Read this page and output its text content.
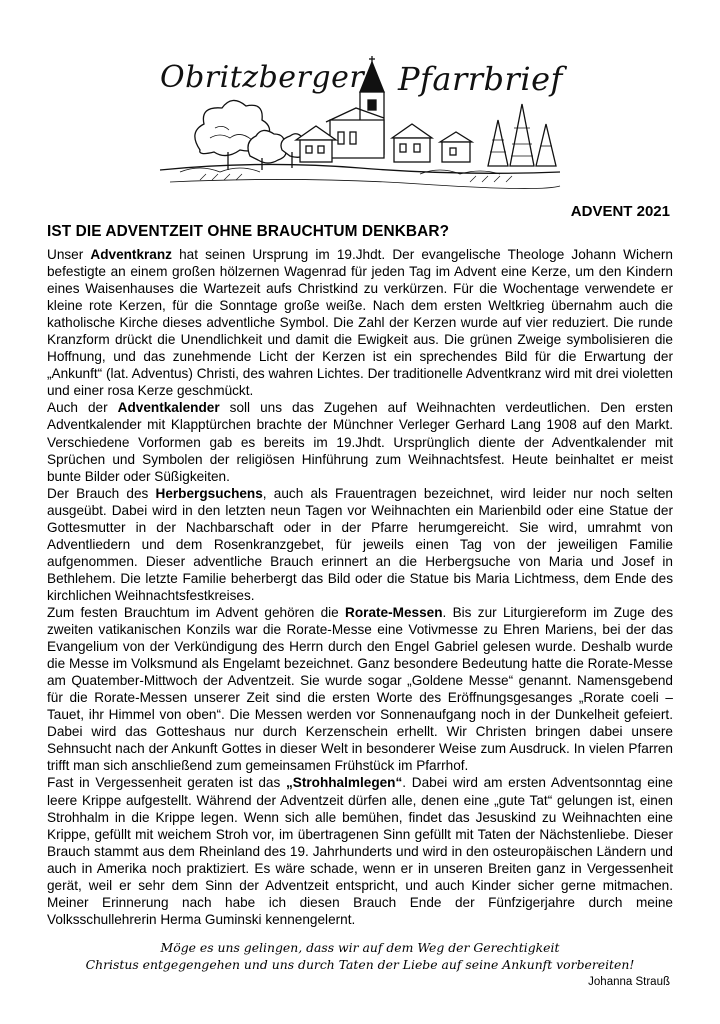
Obritzberger Pfarrbrief
ADVENT 2021
IST DIE ADVENTZEIT OHNE BRAUCHTUM DENKBAR?

Unser Adventkranz hat seinen Ursprung im 19.Jhdt. Der evangelische Theologe Johann Wichern befestigte an einem großen hölzernen Wagenrad für jeden Tag im Advent eine Kerze, um den Kindern eines Waisenhauses die Wartezeit aufs Christkind zu verkürzen. Für die Wochentage verwendete er kleine rote Kerzen, für die Sonntage große weiße. Nach dem ersten Weltkrieg übernahm auch die katholische Kirche dieses adventliche Symbol. Die Zahl der Kerzen wurde auf vier reduziert. Die runde Kranzform drückt die Unendlichkeit und damit die Ewigkeit aus. Die grünen Zweige symbolisieren die Hoffnung, und das zunehmende Licht der Kerzen ist ein sprechendes Bild für die Erwartung der „Ankunft“ (lat. Adventus) Christi, des wahren Lichtes. Der traditionelle Adventkranz wird mit drei violetten und einer rosa Kerze geschmückt.

Auch der Adventkalender soll uns das Zugehen auf Weihnachten verdeutlichen. Den ersten Adventkalender mit Klapptürchen brachte der Münchner Verleger Gerhard Lang 1908 auf den Markt. Verschiedene Vorformen gab es bereits im 19.Jhdt. Ursprünglich diente der Adventkalender mit Sprüchen und Symbolen der religiösen Hinführung zum Weihnachtsfest. Heute beinhaltet er meist bunte Bilder oder Süßigkeiten.

Der Brauch des Herbergsuchens, auch als Frauentragen bezeichnet, wird leider nur noch selten ausgeübt. Dabei wird in den letzten neun Tagen vor Weihnachten ein Marienbild oder eine Statue der Gottesmutter in der Nachbarschaft oder in der Pfarre herumgereicht. Sie wird, umrahmt von Adventliedern und dem Rosenkranzgebet, für jeweils einen Tag von der jeweiligen Familie aufgenommen. Dieser adventliche Brauch erinnert an die Herbergsuche von Maria und Josef in Bethlehem. Die letzte Familie beherbergt das Bild oder die Statue bis Maria Lichtmess, dem Ende des kirchlichen Weihnachtsfestkreises.

Zum festen Brauchtum im Advent gehören die Rorate-Messen. Bis zur Liturgiereform im Zuge des zweiten vatikanischen Konzils war die Rorate-Messe eine Votivmesse zu Ehren Mariens, bei der das Evangelium von der Verkündigung des Herrn durch den Engel Gabriel gelesen wurde. Deshalb wurde die Messe im Volksmund als Engelamt bezeichnet. Ganz besondere Bedeutung hatte die Rorate-Messe am Quatember-Mittwoch der Adventzeit. Sie wurde sogar „Goldene Messe“ genannt. Namensgebend für die Rorate-Messen unserer Zeit sind die ersten Worte des Eröffnungsgesanges „Rorate coeli – Tauet, ihr Himmel von oben“. Die Messen werden vor Sonnenaufgang noch in der Dunkelheit gefeiert. Dabei wird das Gotteshaus nur durch Kerzenschein erhellt. Wir Christen bringen dabei unsere Sehnsucht nach der Ankunft Gottes in dieser Welt in besonderer Weise zum Ausdruck. In vielen Pfarren trifft man sich anschließend zum gemeinsamen Frühstück im Pfarrhof.

Fast in Vergessenheit geraten ist das „Strohhalmlegen“. Dabei wird am ersten Adventsonntag eine leere Krippe aufgestellt. Während der Adventzeit dürfen alle, denen eine „gute Tat“ gelungen ist, einen Strohhalm in die Krippe legen. Wenn sich alle bemühen, findet das Jesuskind zu Weihnachten eine Krippe, gefüllt mit weichem Stroh vor, im übertragenen Sinn gefüllt mit Taten der Nächstenliebe. Dieser Brauch stammt aus dem Rheinland des 19. Jahrhunderts und wird in den osteuropäischen Ländern und auch in Amerika noch praktiziert. Es wäre schade, wenn er in unseren Breiten ganz in Vergessenheit gerät, weil er sehr dem Sinn der Adventzeit entspricht, und auch Kinder sicher gerne mitmachen. Meiner Erinnerung nach habe ich diesen Brauch Ende der Fünfzigerjahre durch meine Volksschullehrerin Herma Guminski kennengelernt.

Möge es uns gelingen, dass wir auf dem Weg der Gerechtigkeit
Christus entgegengehen und uns durch Taten der Liebe auf seine Ankunft vorbereiten!
Johanna Strauß
